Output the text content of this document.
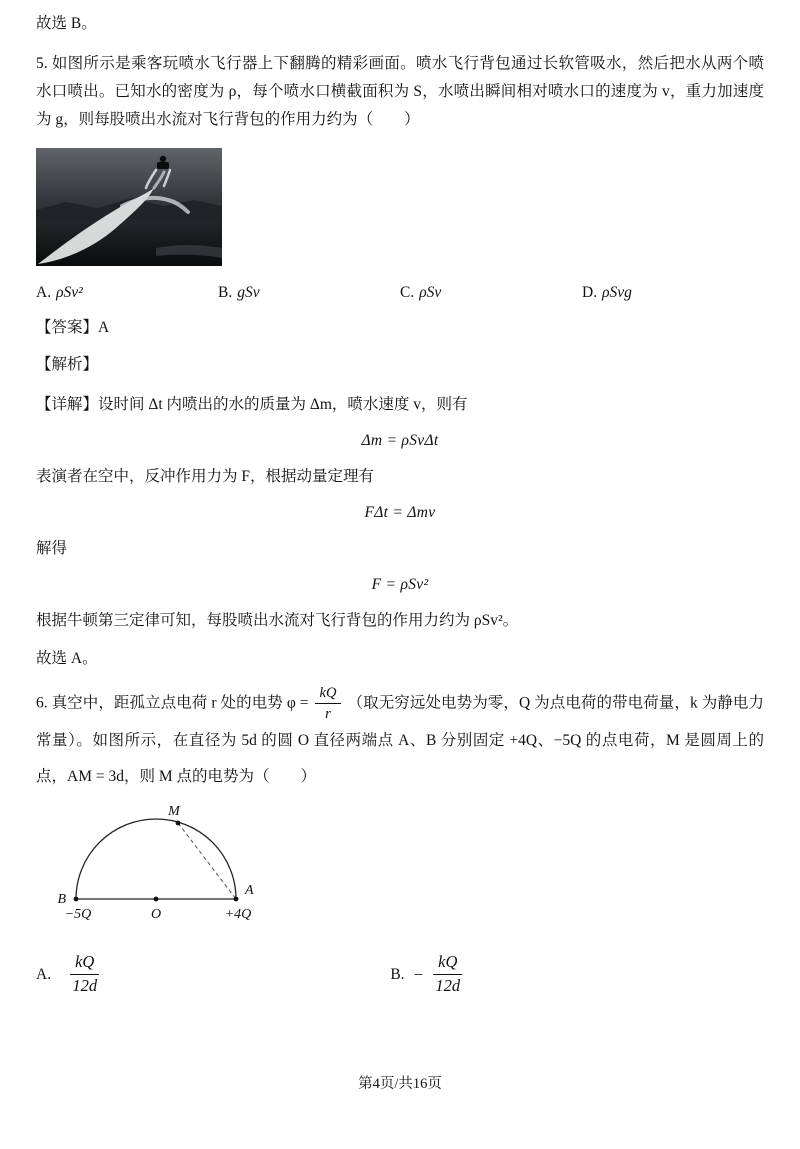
故选 B。

5. 如图所示是乘客玩喷水飞行器上下翻腾的精彩画面。喷水飞行背包通过长软管吸水，然后把水从两个喷水口喷出。已知水的密度为 ρ，每个喷水口横截面积为 S，水喷出瞬间相对喷水口的速度为 v，重力加速度为 g，则每股喷出水流对飞行背包的作用力约为（　　）

A. ρSv²	B. gSv	C. ρSv	D. ρSvg

【答案】A

【解析】

【详解】设时间 Δt 内喷出的水的质量为 Δm，喷水速度 v，则有

Δm = ρSvΔt

表演者在空中，反冲作用力为 F，根据动量定理有

FΔt = Δmv

解得

F = ρSv²

根据牛顿第三定律可知，每股喷出水流对飞行背包的作用力约为 ρSv²。

故选 A。

6. 真空中，距孤立点电荷 r 处的电势 $\varphi = \frac{kQ}{r}$ （取无穷远处电势为零，Q 为点电荷的带电荷量，k 为静电力常量）。如图所示，在直径为 5d 的圆 O 直径两端点 A、B 分别固定 +4Q、−5Q 的点电荷，M 是圆周上的点，AM = 3d，则 M 点的电势为（　　）

M
B
A
O
−5Q	+4Q
A. $\frac{kQ}{12d}$	B. − $\frac{kQ}{12d}$
第4页/共16页
